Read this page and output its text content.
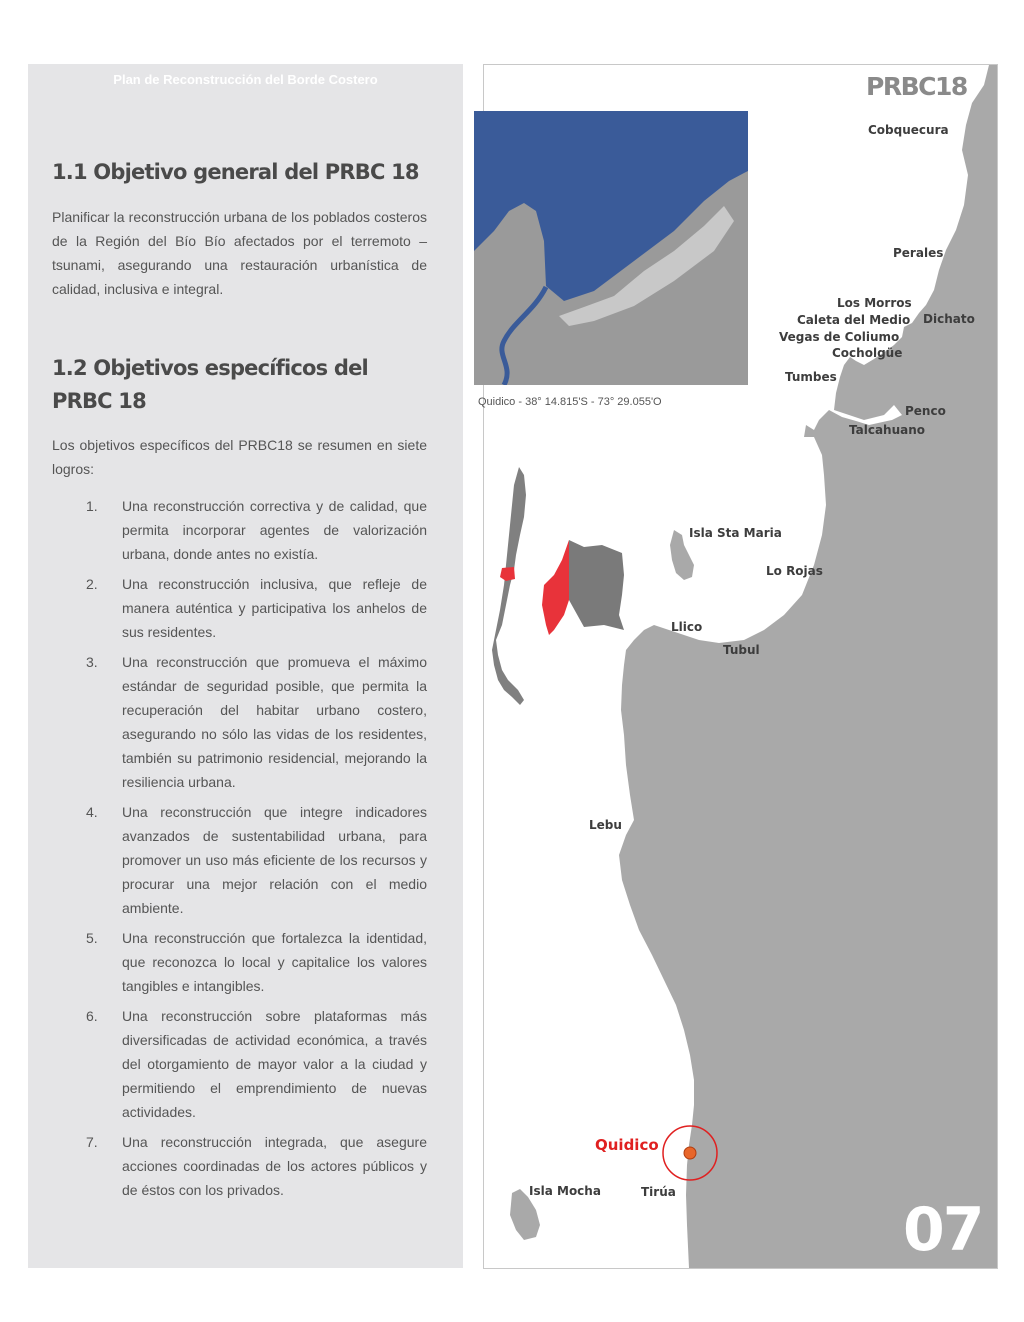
Plan de Reconstrucción del Borde Costero
1.1 Objetivo general del PRBC 18
Planificar la reconstrucción urbana de los poblados costeros de la Región del Bío Bío afectados por el terremoto – tsunami, asegurando una restauración urbanística de calidad, inclusiva e integral.
1.2 Objetivos específicos del
PRBC 18
Los objetivos específicos del PRBC18 se resumen en siete logros:
1. Una reconstrucción correctiva y de calidad, que permita incorporar agentes de valorización urbana, donde antes no existía.
2. Una reconstrucción inclusiva, que refleje de manera auténtica y participativa los anhelos de sus residentes.
3. Una reconstrucción que promueva el máximo estándar de seguridad posible, que permita la recuperación del habitar urbano costero, asegurando no sólo las vidas de los residentes, también su patrimonio residencial, mejorando la resiliencia urbana.
4. Una reconstrucción que integre indicadores avanzados de sustentabilidad urbana, para promover un uso más eficiente de los recursos y procurar una mejor relación con el medio ambiente.
5. Una reconstrucción que fortalezca la identidad, que reconozca lo local y capitalice los valores tangibles e intangibles.
6. Una reconstrucción sobre plataformas más diversificadas de actividad económica, a través del otorgamiento de mayor valor a la ciudad y permitiendo el emprendimiento de nuevas actividades.
7. Una reconstrucción integrada, que asegure acciones coordinadas de los actores públicos y de éstos con los privados.
Quidico - 38° 14.815'S - 73° 29.055'O
PRBC18
07
Cobquecura
Perales
Los Morros
Caleta del Medio Dichato
Vegas de Coliumo
Cocholgüe
Tumbes
Penco
Talcahuano
Isla Sta Maria
Lo Rojas
Llico
Tubul
Lebu
Quidico
Isla Mocha	Tirúa
